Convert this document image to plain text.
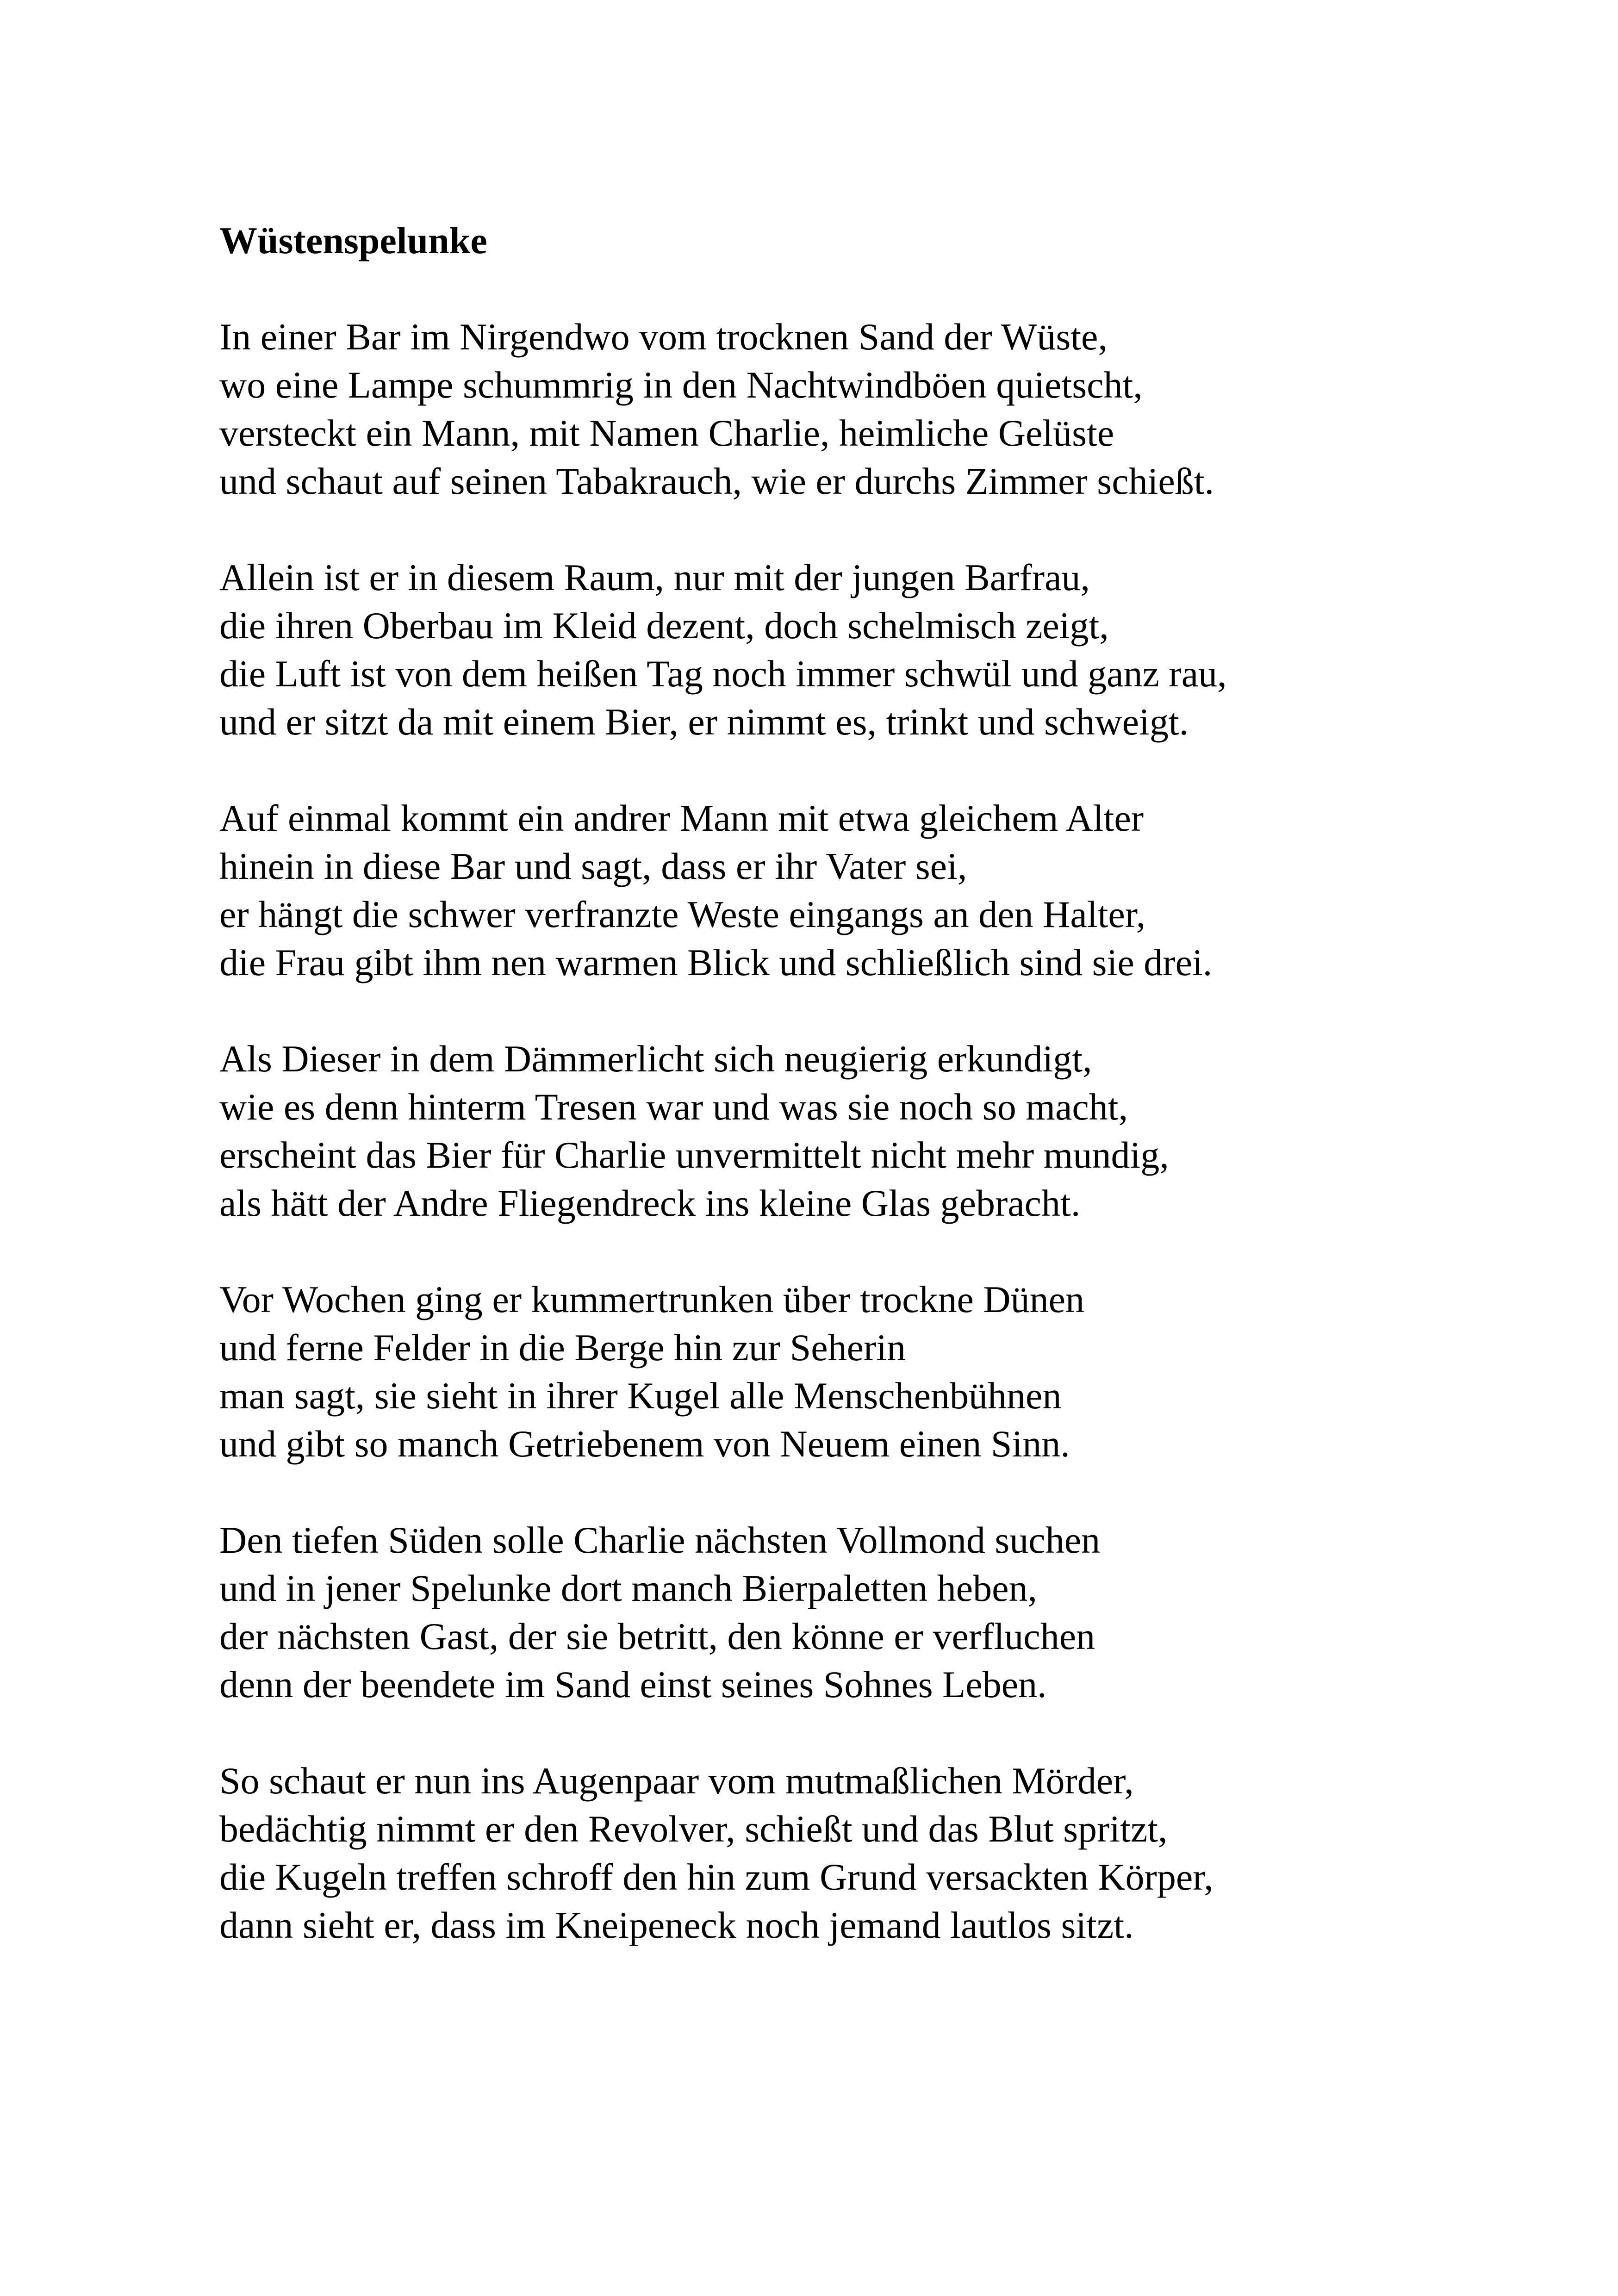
Wüstenspelunke
In einer Bar im Nirgendwo vom trocknen Sand der Wüste,
wo eine Lampe schummrig in den Nachtwindböen quietscht,
versteckt ein Mann, mit Namen Charlie, heimliche Gelüste
und schaut auf seinen Tabakrauch, wie er durchs Zimmer schießt.
Allein ist er in diesem Raum, nur mit der jungen Barfrau,
die ihren Oberbau im Kleid dezent, doch schelmisch zeigt,
die Luft ist von dem heißen Tag noch immer schwül und ganz rau,
und er sitzt da mit einem Bier, er nimmt es, trinkt und schweigt.
Auf einmal kommt ein andrer Mann mit etwa gleichem Alter
hinein in diese Bar und sagt, dass er ihr Vater sei,
er hängt die schwer verfranzte Weste eingangs an den Halter,
die Frau gibt ihm nen warmen Blick und schließlich sind sie drei.
Als Dieser in dem Dämmerlicht sich neugierig erkundigt,
wie es denn hinterm Tresen war und was sie noch so macht,
erscheint das Bier für Charlie unvermittelt nicht mehr mundig,
als hätt der Andre Fliegendreck ins kleine Glas gebracht.
Vor Wochen ging er kummertrunken über trockne Dünen
und ferne Felder in die Berge hin zur Seherin
man sagt, sie sieht in ihrer Kugel alle Menschenbühnen
und gibt so manch Getriebenem von Neuem einen Sinn.
Den tiefen Süden solle Charlie nächsten Vollmond suchen
und in jener Spelunke dort manch Bierpaletten heben,
der nächsten Gast, der sie betritt, den könne er verfluchen
denn der beendete im Sand einst seines Sohnes Leben.
So schaut er nun ins Augenpaar vom mutmaßlichen Mörder,
bedächtig nimmt er den Revolver, schießt und das Blut spritzt,
die Kugeln treffen schroff den hin zum Grund versackten Körper,
dann sieht er, dass im Kneipeneck noch jemand lautlos sitzt.
